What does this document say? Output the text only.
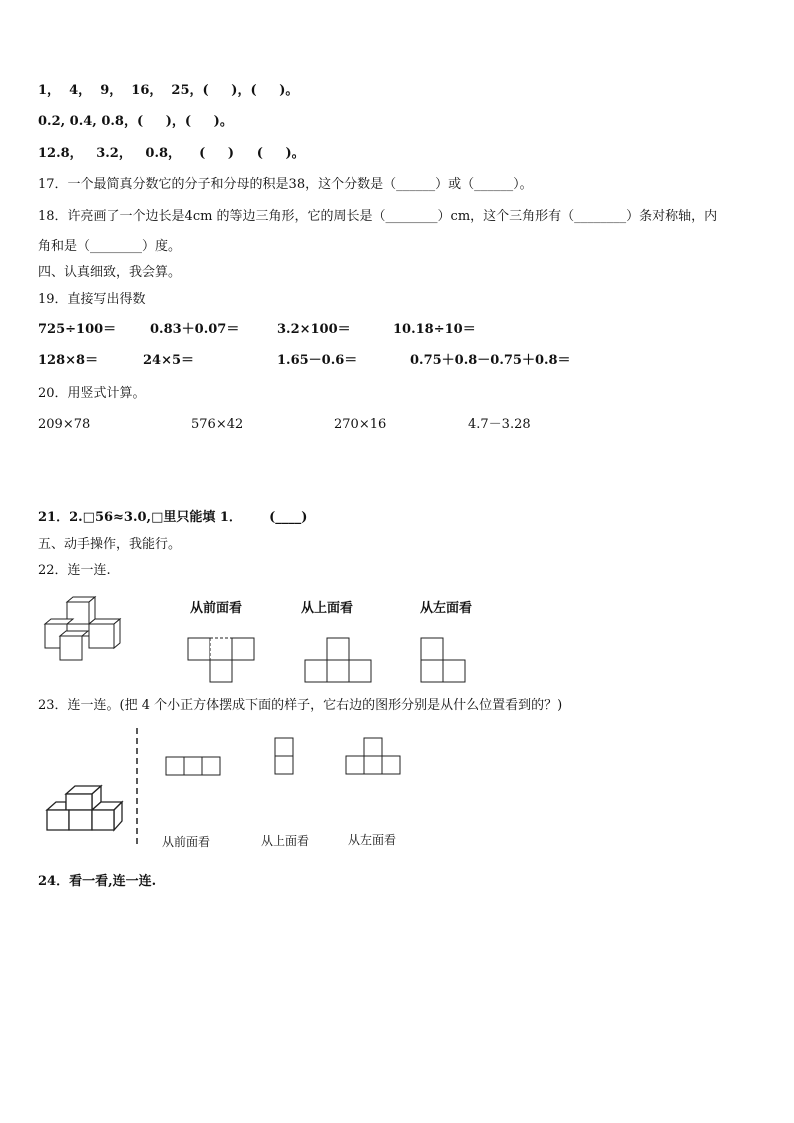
1，  4，  9，  16，  25，(     )，(     )。
0.2, 0.4, 0.8，(     )，(     )。
12.8，   3.2，   0.8，    (     )     (     )。
17．一个最简真分数它的分子和分母的积是38，这个分数是（______）或（______）。
18．许亮画了一个边长是4cm 的等边三角形，它的周长是（________）cm，这个三角形有（________）条对称轴，内
角和是（________）度。
四、认真细致，我会算。
19．直接写出得数
725÷100＝	0.83＋0.07＝	3.2×100＝	10.18÷10＝
128×8＝	24×5＝	1.65－0.6＝	0.75＋0.8－0.75＋0.8＝
20．用竖式计算。
209×78	576×42	270×16	4.7－3.28
21．2.□56≈3.0,□里只能填 1．      (____)
五、动手操作，我能行。
22．连一连.
从前面看	从上面看	从左面看
23．连一连。(把 4 个小正方体摆成下面的样子，它右边的图形分别是从什么位置看到的？)
从前面看	从上面看	从左面看
24．看一看,连一连.
